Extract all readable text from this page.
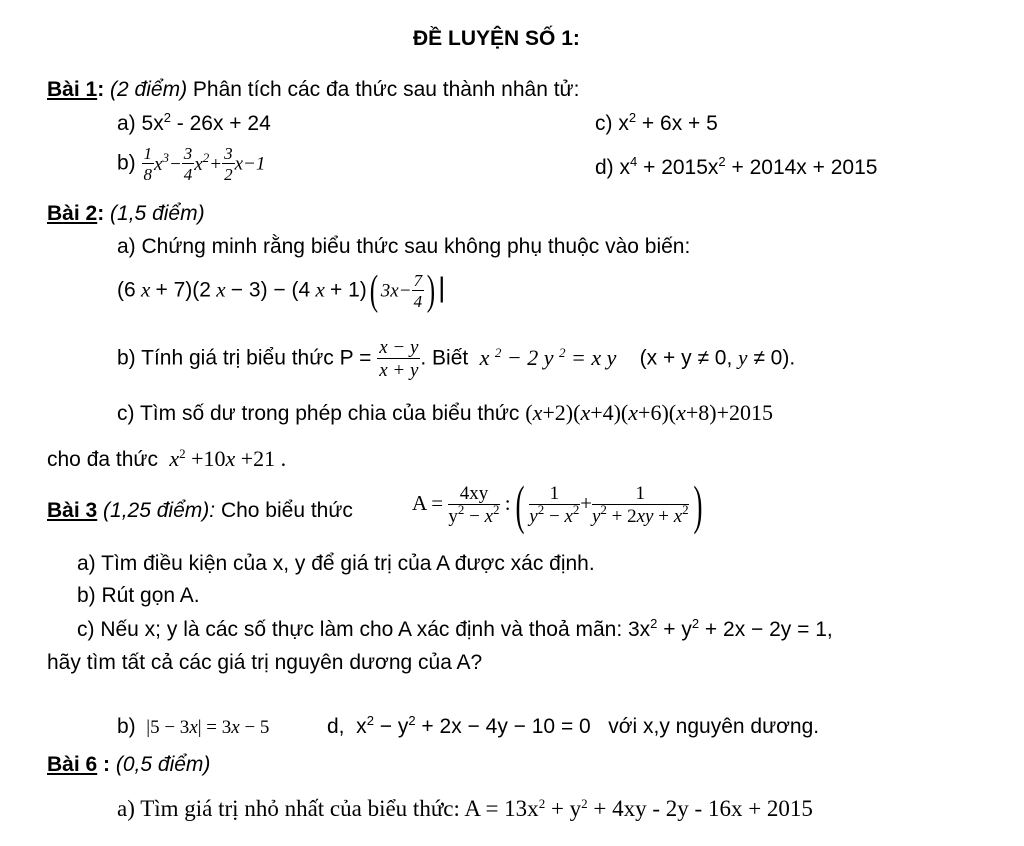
ĐỀ LUYỆN SỐ 1:
Bài 1: (2 điểm) Phân tích các đa thức sau thành nhân tử:
a) $5x^2 - 26x + 24$	c) $x^2 + 6x + 5$
$b) \frac{1}{8} x^3- \frac{3}{4} x^2+ \frac{3}{2} x-1$	d) $x^4 + 2015x^2 + 2014x + 2015$
Bài 2: (1,5 điểm)
a) Chứng minh rằng biểu thức sau không phụ thuộc vào biến:
(6 x + 7)(2 x − 3) − (4 x + 1)( $3x- \frac{7}{4}$ ) |
b) Tính giá trị biểu thức $P = \frac{x - y}{x + y}$ . Biết  x $^2$ − 2 y $^2$ = x y    (x + y ≠ 0, y ≠ 0).
c) Tìm số dư trong phép chia của biểu thức (x+2)(x+4)(x+6)(x+8)+2015
cho đa thức $x^2 +10x +21$ .
Bài 3 (1,25 điểm): Cho biểu thức	$A = \frac{4xy}{y^2 - x^2}$ :( $\frac{1}{y^2 - x^2} + \frac{1}{y^2 + 2xy + x^2}$ )
a) Tìm điều kiện của x, y để giá trị của A được xác định.
b) Rút gọn A.
c) Nếu x; y là các số thực làm cho A xác định và thoả mãn: $3x^2 + y^2 + 2x - 2y = 1$,
hãy tìm tất cả các giá trị nguyên dương của A?
b)  |5 − 3x| = 3x − 5	d,  $x^2 - y^2 + 2x - 4y - 10 = 0$   với x,y nguyên dương.
Bài 6 : (0,5 điểm)
a) Tìm giá trị nhỏ nhất của biểu thức: $A = 13x^2 + y^2 + 4xy - 2y - 16x + 2015$
